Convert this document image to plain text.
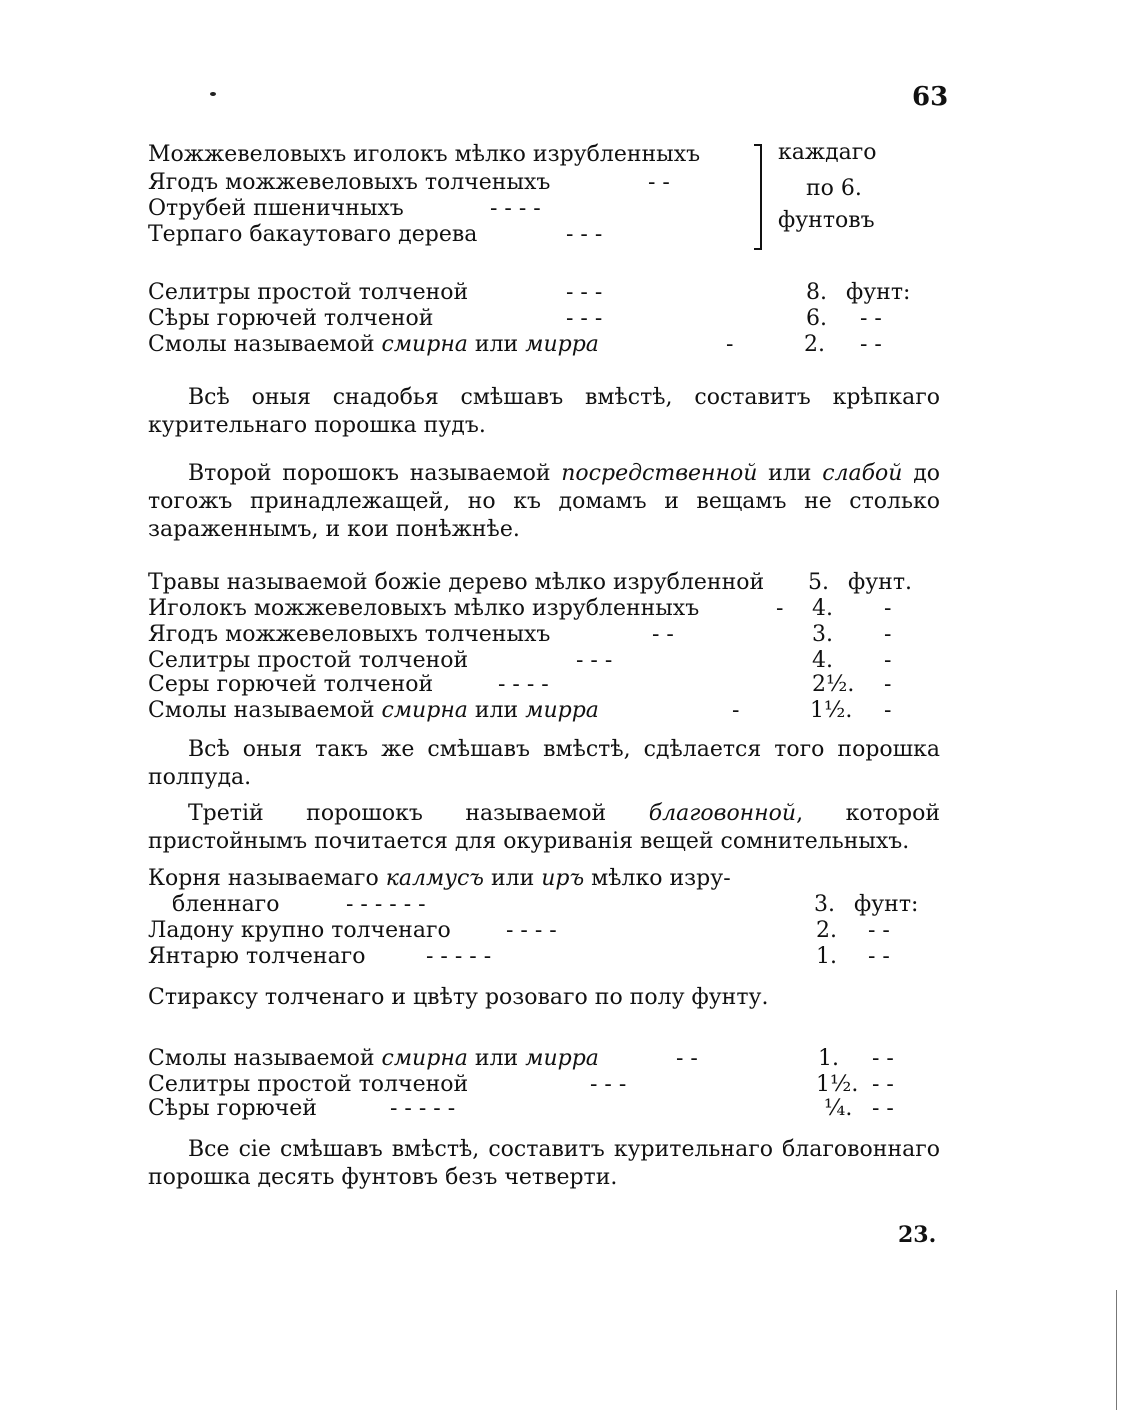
63
Можжевеловыхъ иголокъ мѣлко изрубленныхъ
Ягодъ можжевеловыхъ толченыхъ	- -
Отрубей пшеничныхъ	- - - -
Терпаго бакаутоваго дерева	- - -
каждаго
по 6.
фунтовъ
Селитры простой толченой	- - -	8. фунт:
Сѣры горючей толченой	- - -	6. - -
Смолы называемой смирна или мирра	-	2. - -
Всѣ оныя снадобья смѣшавъ вмѣстѣ, составитъ крѣпкаго курительнаго порошка пудъ.
Второй порошокъ называемой посредственной или слабой до тогожъ принадлежащей, но къ домамъ и вещамъ не столько зараженнымъ, и кои понѣжнѣе.
Травы называемой божіе дерево мѣлко изрубленной 5. фунт.
Иголокъ можжевеловыхъ мѣлко изрубленныхъ	- 4. -
Ягодъ можжевеловыхъ толченыхъ	- -	3. -
Селитры простой толченой	- - -	4. -
Серы горючей толченой	- - - -	2½. -
Смолы называемой смирна или мирра	-	1½. -
Всѣ оныя такъ же смѣшавъ вмѣстѣ, сдѣлается того порошка полпуда.
Третій порошокъ называемой благовонной, которой пристойнымъ почитается для окуриванія вещей сомнительныхъ.
Корня называемаго калмусъ или иръ мѣлко изру-
бленнаго	- - - - - -	3. фунт:
Ладону крупно толченаго	- - - -	2. - -
Янтарю толченаго	- - - - -	1. - -
Стираксу толченаго и цвѣту розоваго по полу фунту.
Смолы называемой смирна или мирра	- -	1. - -
Селитры простой толченой	- - -	1½. - -
Сѣры горючей	- - - - -	¼. - -
Все сіе смѣшавъ вмѣстѣ, составитъ курительнаго благовоннаго порошка десять фунтовъ безъ четверти.
23.
